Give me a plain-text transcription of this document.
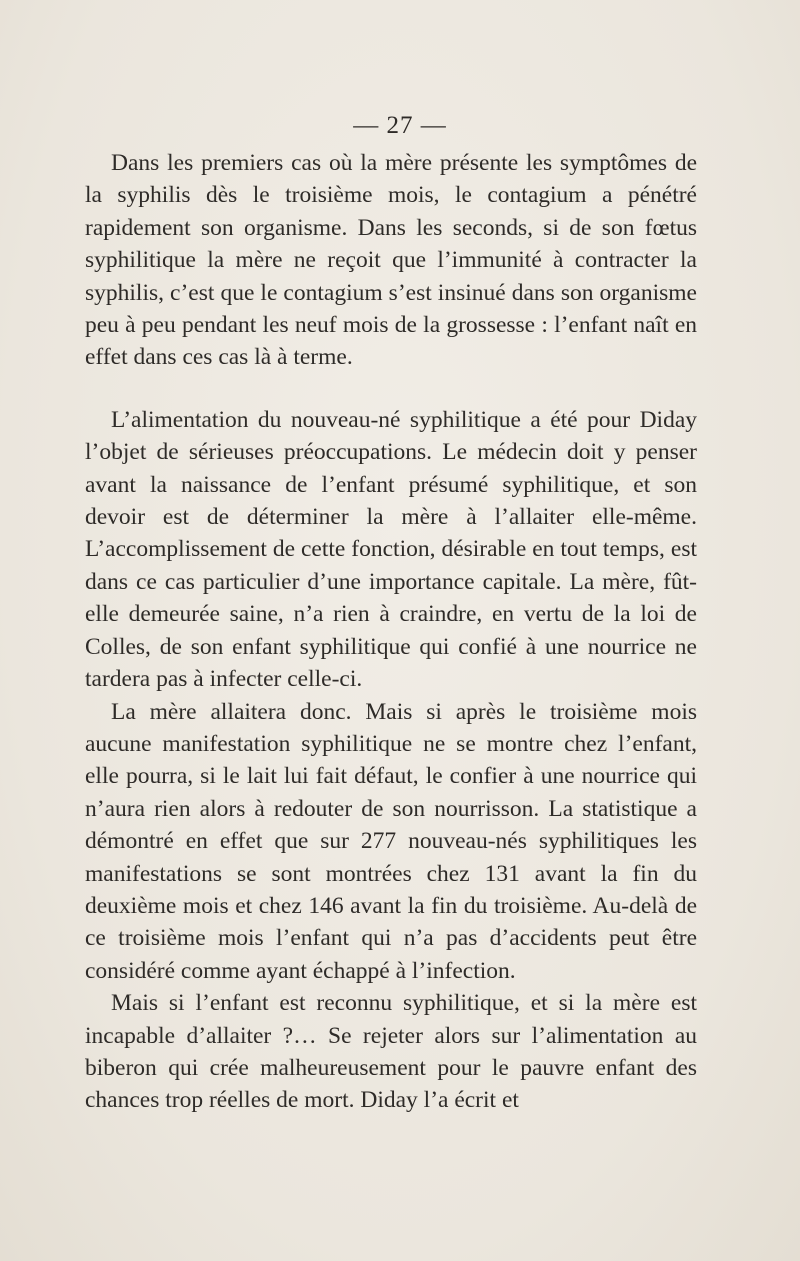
— 27 —

Dans les premiers cas où la mère présente les symptômes de la syphilis dès le troisième mois, le contagium a pénétré rapidement son organisme. Dans les seconds, si de son fœtus syphilitique la mère ne reçoit que l’immunité à contracter la syphilis, c’est que le contagium s’est insinué dans son organisme peu à peu pendant les neuf mois de la grossesse : l’enfant naît en effet dans ces cas là à terme.

L’alimentation du nouveau-né syphilitique a été pour Diday l’objet de sérieuses préoccupations. Le médecin doit y penser avant la naissance de l’enfant présumé syphilitique, et son devoir est de déterminer la mère à l’allaiter elle-même. L’accomplissement de cette fonction, désirable en tout temps, est dans ce cas particulier d’une importance capitale. La mère, fût-elle demeurée saine, n’a rien à craindre, en vertu de la loi de Colles, de son enfant syphilitique qui confié à une nourrice ne tardera pas à infecter celle-ci.

La mère allaitera donc. Mais si après le troisième mois aucune manifestation syphilitique ne se montre chez l’enfant, elle pourra, si le lait lui fait défaut, le confier à une nourrice qui n’aura rien alors à redouter de son nourrisson. La statistique a démontré en effet que sur 277 nouveau-nés syphilitiques les manifestations se sont montrées chez 131 avant la fin du deuxième mois et chez 146 avant la fin du troisième. Au-delà de ce troisième mois l’enfant qui n’a pas d’accidents peut être considéré comme ayant échappé à l’infection.

Mais si l’enfant est reconnu syphilitique, et si la mère est incapable d’allaiter ?… Se rejeter alors sur l’alimentation au biberon qui crée malheureusement pour le pauvre enfant des chances trop réelles de mort. Diday l’a écrit et
